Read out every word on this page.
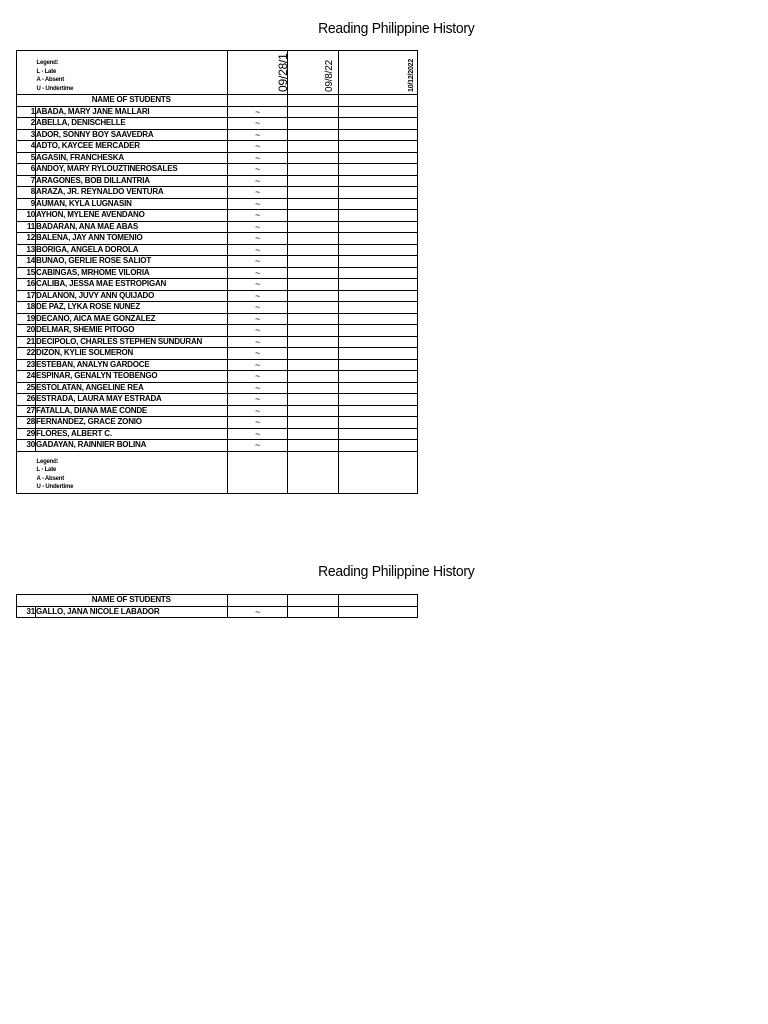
Reading Philippine History

	Legend:
L - Late
A - Absent
U - Undertime	09/28/1	09/8/22	10/12/2022

	NAME OF STUDENTS			
1	ABADA, MARY JANE MALLARI	~		
2	ABELLA, DENISCHELLE	~		
3	ADOR, SONNY BOY SAAVEDRA	~		
4	ADTO, KAYCEE MERCADER	~		
5	AGASIN, FRANCHESKA	~		
6	ANDOY, MARY RYLOUZTINEROSALES	~		
7	ARAGONES, BOB DILLANTRIA	~		
8	ARAZA, JR. REYNALDO VENTURA	~		
9	AUMAN, KYLA LUGNASIN	~		
10	AYHON, MYLENE AVENDANO	~		
11	BADARAN, ANA MAE ABAS	~		
12	BALENA, JAY ANN TOMENIO	~		
13	BORIGA, ANGELA DOROLA	~		
14	BUNAO, GERLIE ROSE SALIOT	~		
15	CABINGAS, MRHOME VILORIA	~		
16	CALIBA, JESSA MAE ESTROPIGAN	~		
17	DALANON, JUVY ANN QUIJADO	~		
18	DE PAZ, LYKA ROSE NUNEZ	~		
19	DECANO, AICA MAE GONZALEZ	~		
20	DELMAR, SHEMIE PITOGO	~		
21	DECIPOLO, CHARLES STEPHEN SUNDURAN	~		
22	DIZON, KYLIE SOLMERON	~		
23	ESTEBAN, ANALYN GARDOCE	~		
24	ESPINAR, GENALYN TEOBENGO	~		
25	ESTOLATAN, ANGELINE REA	~		
26	ESTRADA, LAURA MAY ESTRADA	~		
27	FATALLA, DIANA MAE CONDE	~		
28	FERNANDEZ, GRACE ZONIO	~		
29	FLORES, ALBERT C.	~		
30	GADAYAN, RAINNIER BOLINA	~		

	Legend:
L - Late
A - Absent
U - Undertime			

Reading Philippine History
	NAME OF STUDENTS			
31	GALLO, JANA NICOLE LABADOR	~		
